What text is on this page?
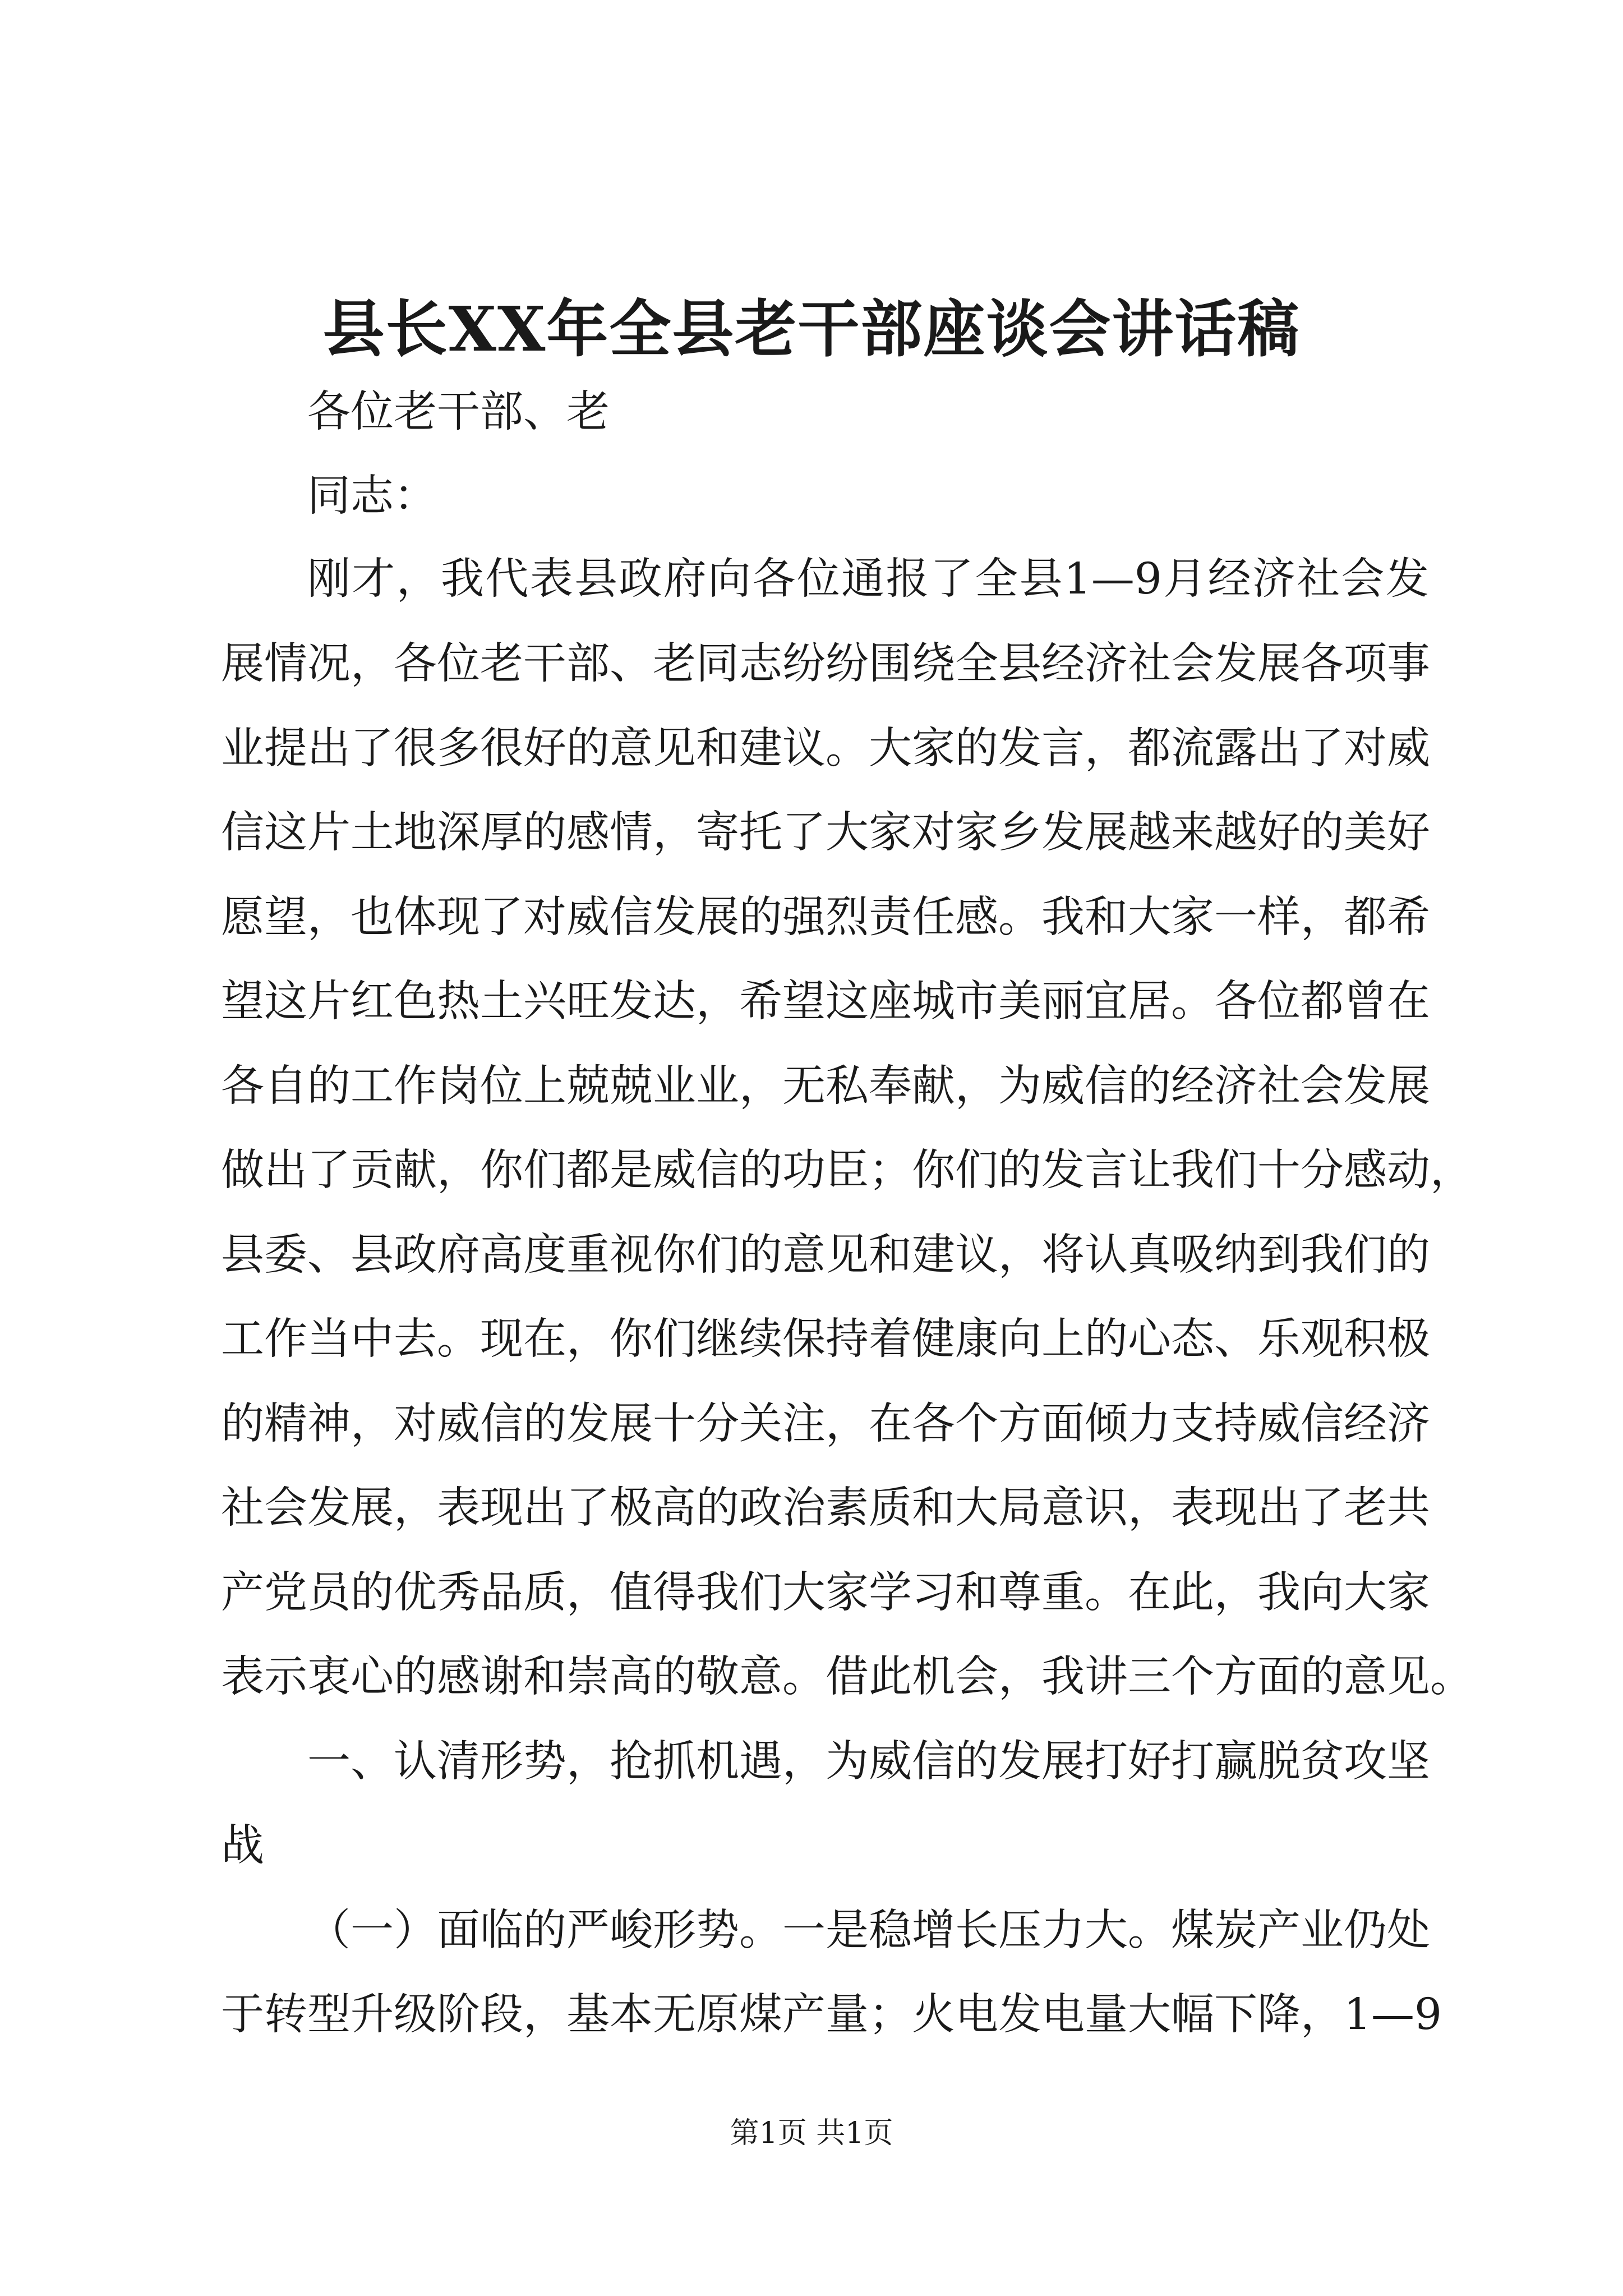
县长XX年全县老干部座谈会讲话稿

各位老干部、老

同志：

刚才，我代表县政府向各位通报了全县1—9月经济社会发

展情况，各位老干部、老同志纷纷围绕全县经济社会发展各项事

业提出了很多很好的意见和建议。大家的发言，都流露出了对威

信这片土地深厚的感情，寄托了大家对家乡发展越来越好的美好

愿望，也体现了对威信发展的强烈责任感。我和大家一样，都希

望这片红色热土兴旺发达，希望这座城市美丽宜居。各位都曾在

各自的工作岗位上兢兢业业，无私奉献，为威信的经济社会发展

做出了贡献，你们都是威信的功臣；你们的发言让我们十分感动，

县委、县政府高度重视你们的意见和建议，将认真吸纳到我们的

工作当中去。现在，你们继续保持着健康向上的心态、乐观积极

的精神，对威信的发展十分关注，在各个方面倾力支持威信经济

社会发展，表现出了极高的政治素质和大局意识，表现出了老共

产党员的优秀品质，值得我们大家学习和尊重。在此，我向大家

表示衷心的感谢和崇高的敬意。借此机会，我讲三个方面的意见。

一、认清形势，抢抓机遇，为威信的发展打好打赢脱贫攻坚

战

（一）面临的严峻形势。一是稳增长压力大。煤炭产业仍处

于转型升级阶段，基本无原煤产量；火电发电量大幅下降，1—9

第1页 共1页
